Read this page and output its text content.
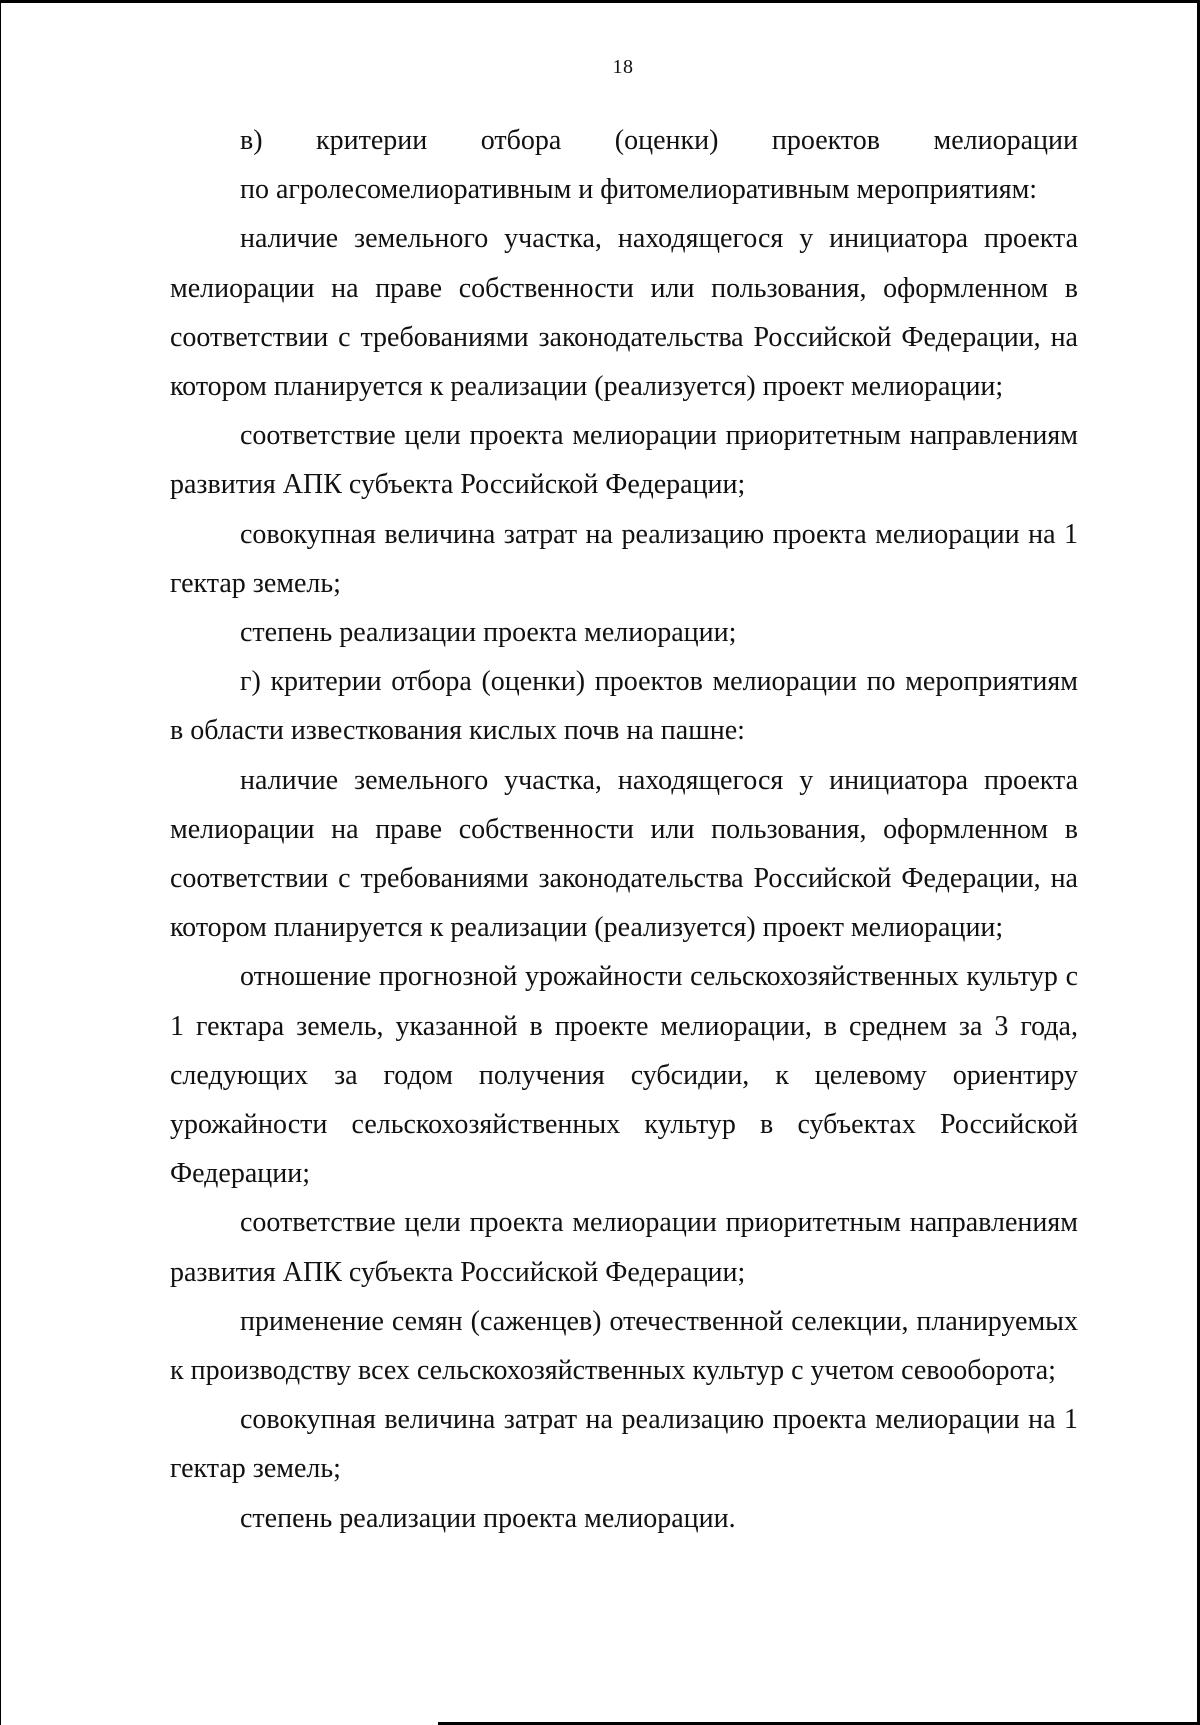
18
в) критерии отбора (оценки) проектов мелиорации

по агролесомелиоративным и фитомелиоративным мероприятиям:

наличие земельного участка, находящегося у инициатора проекта мелиорации на праве собственности или пользования, оформленном в соответствии с требованиями законодательства Российской Федерации, на котором планируется к реализации (реализуется) проект мелиорации;

соответствие цели проекта мелиорации приоритетным направлениям развития АПК субъекта Российской Федерации;

совокупная величина затрат на реализацию проекта мелиорации на 1 гектар земель;

степень реализации проекта мелиорации;

г) критерии отбора (оценки) проектов мелиорации по мероприятиям в области известкования кислых почв на пашне:

наличие земельного участка, находящегося у инициатора проекта мелиорации на праве собственности или пользования, оформленном в соответствии с требованиями законодательства Российской Федерации, на котором планируется к реализации (реализуется) проект мелиорации;

отношение прогнозной урожайности сельскохозяйственных культур с 1 гектара земель, указанной в проекте мелиорации, в среднем за 3 года, следующих за годом получения субсидии, к целевому ориентиру урожайности сельскохозяйственных культур в субъектах Российской Федерации;

соответствие цели проекта мелиорации приоритетным направлениям развития АПК субъекта Российской Федерации;

применение семян (саженцев) отечественной селекции, планируемых к производству всех сельскохозяйственных культур с учетом севооборота;

совокупная величина затрат на реализацию проекта мелиорации на 1 гектар земель;

степень реализации проекта мелиорации.
